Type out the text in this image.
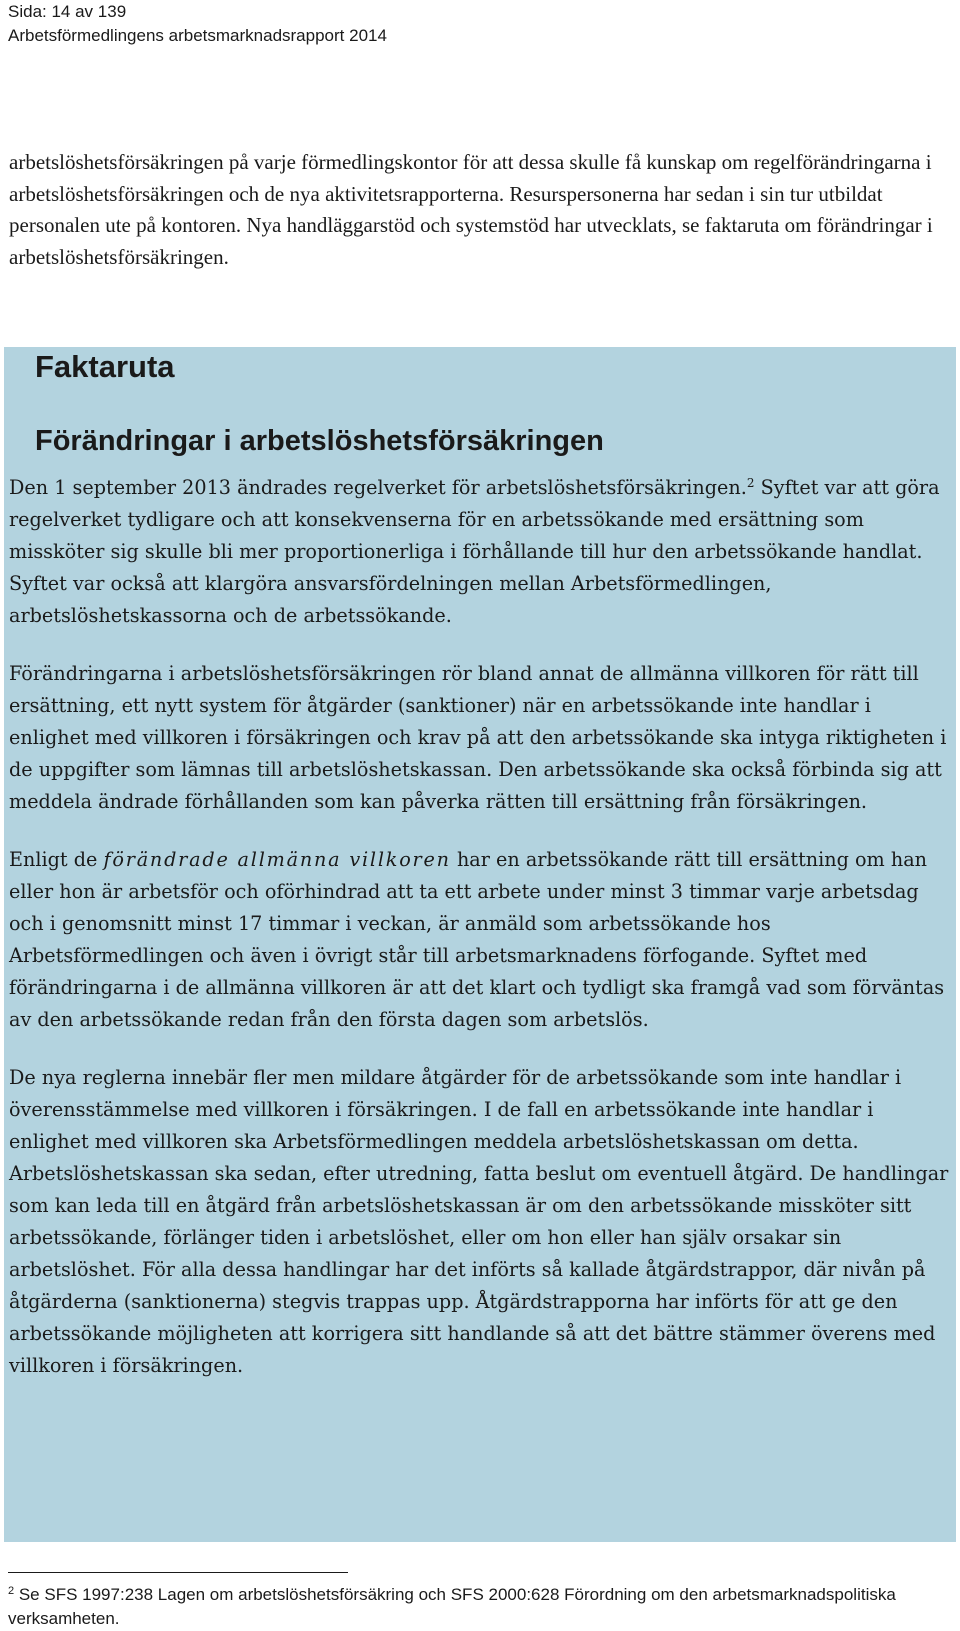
Sida: 14 av 139
Arbetsförmedlingens arbetsmarknadsrapport 2014

arbetslöshetsförsäkringen på varje förmedlingskontor för att dessa skulle få kunskap om regelförändringarna i arbetslöshetsförsäkringen och de nya aktivitetsrapporterna. Resurspersonerna har sedan i sin tur utbildat personalen ute på kontoren. Nya handläggarstöd och systemstöd har utvecklats, se faktaruta om förändringar i arbetslöshetsförsäkringen.

Faktaruta
Förändringar i arbetslöshetsförsäkringen

Den 1 september 2013 ändrades regelverket för arbetslöshetsförsäkringen.$^2$ Syftet var att göra regelverket tydligare och att konsekvenserna för en arbetssökande med ersättning som missköter sig skulle bli mer proportionerliga i förhållande till hur den arbetssökande handlat. Syftet var också att klargöra ansvarsfördelningen mellan Arbetsförmedlingen, arbetslöshetskassorna och de arbetssökande.

Förändringarna i arbetslöshetsförsäkringen rör bland annat de allmänna villkoren för rätt till ersättning, ett nytt system för åtgärder (sanktioner) när en arbetssökande inte handlar i enlighet med villkoren i försäkringen och krav på att den arbetssökande ska intyga riktigheten i de uppgifter som lämnas till arbetslöshetskassan. Den arbetssökande ska också förbinda sig att meddela ändrade förhållanden som kan påverka rätten till ersättning från försäkringen.

Enligt de förändrade allmänna villkoren har en arbetssökande rätt till ersättning om han eller hon är arbetsför och oförhindrad att ta ett arbete under minst 3 timmar varje arbetsdag och i genomsnitt minst 17 timmar i veckan, är anmäld som arbetssökande hos Arbetsförmedlingen och även i övrigt står till arbetsmarknadens förfogande. Syftet med förändringarna i de allmänna villkoren är att det klart och tydligt ska framgå vad som förväntas av den arbetssökande redan från den första dagen som arbetslös.

De nya reglerna innebär fler men mildare åtgärder för de arbetssökande som inte handlar i överensstämmelse med villkoren i försäkringen. I de fall en arbetssökande inte handlar i enlighet med villkoren ska Arbetsförmedlingen meddela arbetslöshetskassan om detta. Arbetslöshetskassan ska sedan, efter utredning, fatta beslut om eventuell åtgärd. De handlingar som kan leda till en åtgärd från arbetslöshetskassan är om den arbetssökande missköter sitt arbetssökande, förlänger tiden i arbetslöshet, eller om hon eller han själv orsakar sin arbetslöshet. För alla dessa handlingar har det införts så kallade åtgärdstrappor, där nivån på åtgärderna (sanktionerna) stegvis trappas upp. Åtgärdstrapporna har införts för att ge den arbetssökande möjligheten att korrigera sitt handlande så att det bättre stämmer överens med villkoren i försäkringen.

$^2$ Se SFS 1997:238 Lagen om arbetslöshetsförsäkring och SFS 2000:628 Förordning om den arbetsmarknadspolitiska verksamheten.
